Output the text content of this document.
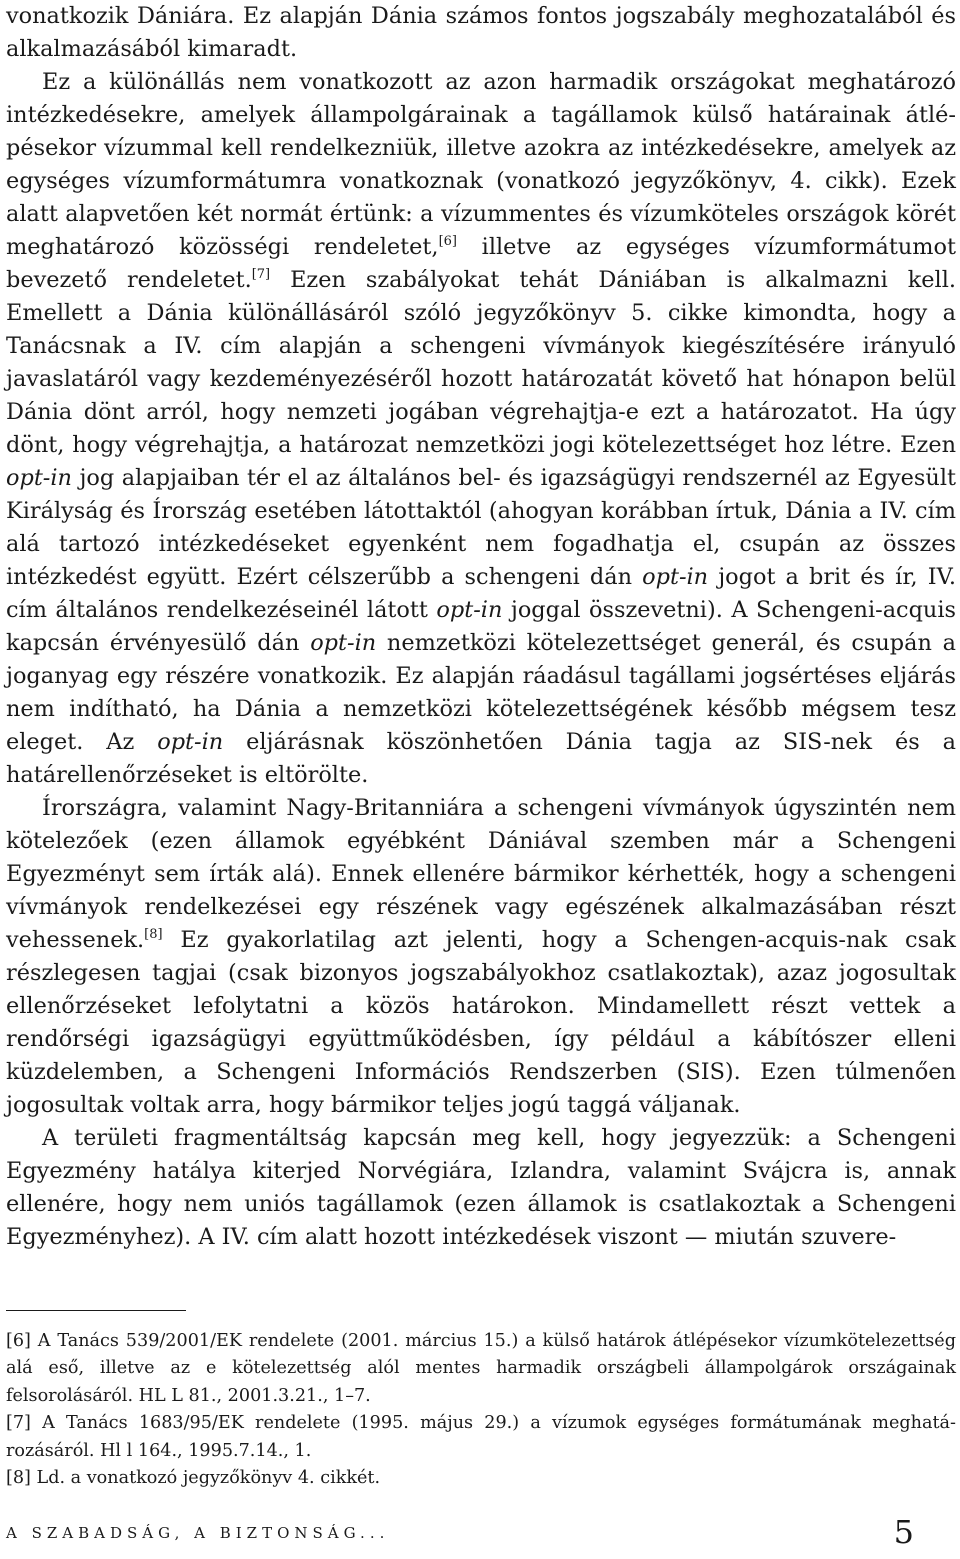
vonatkozik Dániára. Ez alapján Dánia számos fontos jogszabály meghozatalából és alkalmazásából kimaradt.

Ez a különállás nem vonatkozott az azon harmadik országokat meghatározó intézkedésekre, amelyek állampolgárainak a tagállamok külső határainak átlépésekor vízummal kell rendelkezniük, illetve azokra az intézkedésekre, amelyek az egységes vízumformátumra vonatkoznak (vonatkozó jegyzőkönyv, 4. cikk). Ezek alatt alapvetően két normát értünk: a vízummentes és vízumköteles országok körét meghatározó közösségi rendeletet,[6] illetve az egységes vízumformátumot bevezető rendeletet.[7] Ezen szabályokat tehát Dániában is alkalmazni kell. Emellett a Dánia különállásáról szóló jegyzőkönyv 5. cikke kimondta, hogy a Tanácsnak a IV. cím alapján a schengeni vívmányok kiegészítésére irányuló javaslatáról vagy kezdeményezéséről hozott határozatát követő hat hónapon belül Dánia dönt arról, hogy nemzeti jogában végrehajtja-e ezt a határozatot. Ha úgy dönt, hogy végrehajtja, a határozat nemzetközi jogi kötelezettséget hoz létre. Ezen opt-in jog alapjaiban tér el az általános bel- és igazságügyi rendszernél az Egyesült Királyság és Írország esetében látottaktól (ahogyan korábban írtuk, Dánia a IV. cím alá tartozó intézkedéseket egyenként nem fogadhatja el, csupán az összes intézkedést együtt. Ezért célszerűbb a schengeni dán opt-in jogot a brit és ír, IV. cím általános rendelkezéseinél látott opt-in joggal összevetni). A Schengeni-acquis kapcsán érvényesülő dán opt-in nemzetközi kötelezettséget generál, és csupán a joganyag egy részére vonatkozik. Ez alapján ráadásul tagállami jogsértéses eljárás nem indítható, ha Dánia a nemzetközi kötelezettségének később mégsem tesz eleget. Az opt-in eljárásnak köszönhetően Dánia tagja az SIS-nek és a határellenőrzéseket is eltörölte.

Írországra, valamint Nagy-Britanniára a schengeni vívmányok úgyszintén nem kötelezőek (ezen államok egyébként Dániával szemben már a Schengeni Egyezményt sem írták alá). Ennek ellenére bármikor kérhették, hogy a schengeni vívmányok rendelkezései egy részének vagy egészének alkalmazásában részt vehessenek.[8] Ez gyakorlatilag azt jelenti, hogy a Schengen-acquis-nak csak részlegesen tagjai (csak bizonyos jogszabályokhoz csatlakoztak), azaz jogosultak ellenőrzéseket lefolytatni a közös határokon. Mindamellett részt vettek a rendőrségi igazságügyi együttműködésben, így például a kábítószer elleni küzdelemben, a Schengeni Információs Rendszerben (SIS). Ezen túlmenően jogosultak voltak arra, hogy bármikor teljes jogú taggá váljanak.

A területi fragmentáltság kapcsán meg kell, hogy jegyezzük: a Schengeni Egyezmény hatálya kiterjed Norvégiára, Izlandra, valamint Svájcra is, annak ellenére, hogy nem uniós tagállamok (ezen államok is csatlakoztak a Schengeni Egyezményhez). A IV. cím alatt hozott intézkedések viszont — miután szuvere-

[6] A Tanács 539/2001/EK rendelete (2001. március 15.) a külső határok átlépésekor vízumkötelezettség alá eső, illetve az e kötelezettség alól mentes harmadik országbeli állampolgárok országainak felsorolásáról. HL L 81., 2001.3.21., 1–7.

[7] A Tanács 1683/95/EK rendelete (1995. május 29.) a vízumok egységes formátumának meghatározásáról. Hl l 164., 1995.7.14., 1.

[8] Ld. a vonatkozó jegyzőkönyv 4. cikkét.

A SZABADSÁG, A BIZTONSÁG...	5
